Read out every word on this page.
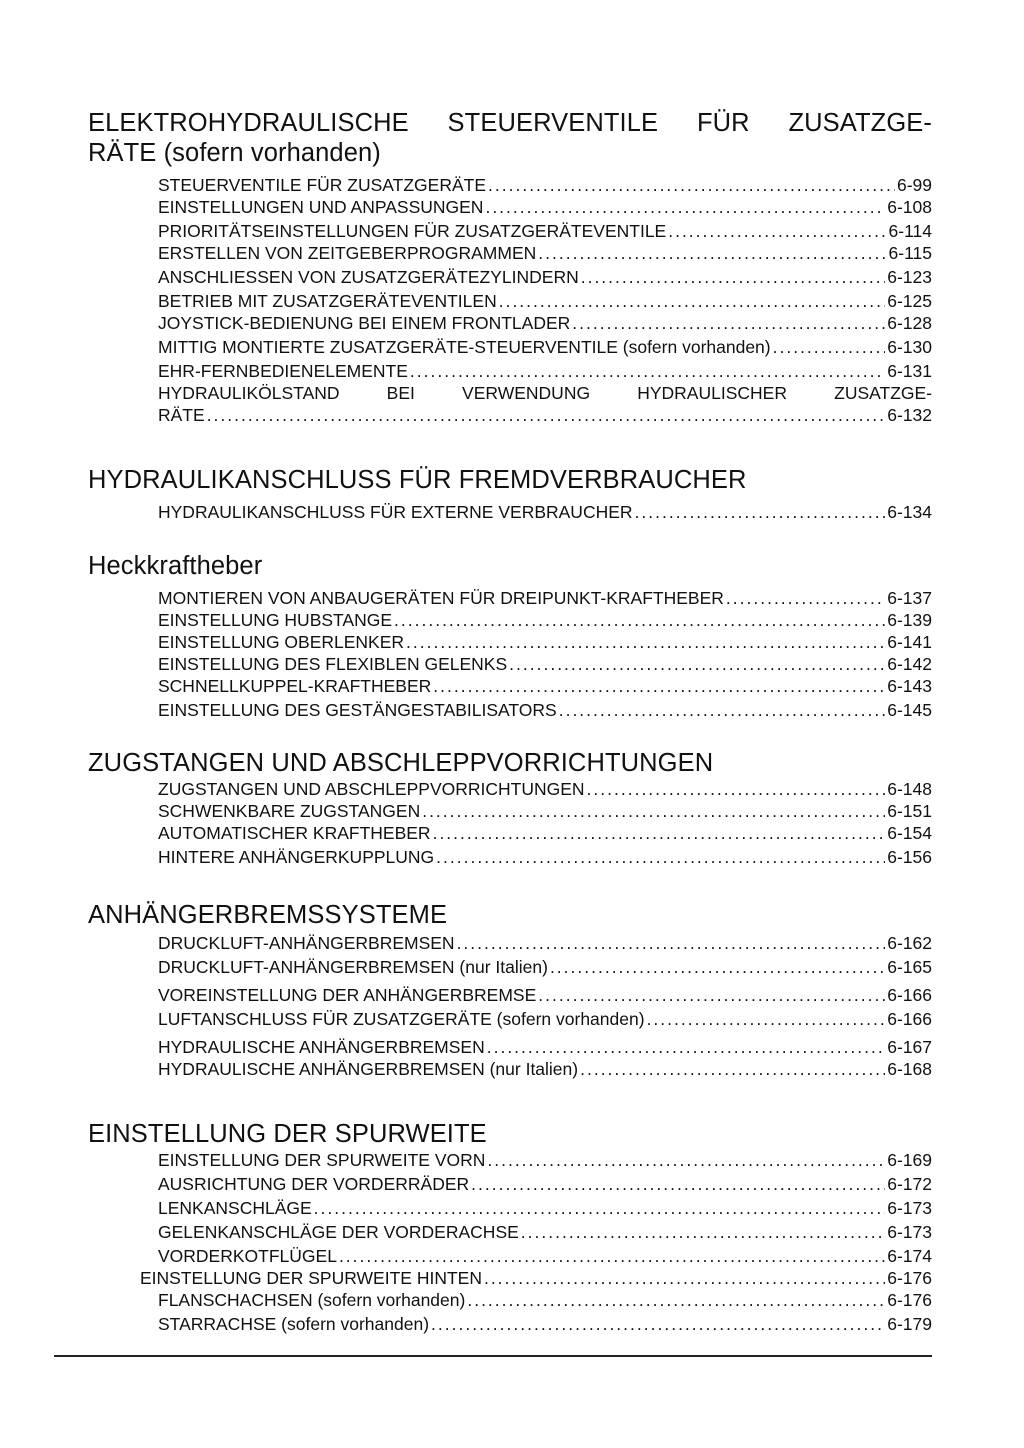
ELEKTROHYDRAULISCHE STEUERVENTILE FÜR ZUSATZGE-
RÄTE (sofern vorhanden)
STEUERVENTILE FÜR ZUSATZGERÄTE .....	6-99
EINSTELLUNGEN UND ANPASSUNGEN .....	6-108
PRIORITÄTSEINSTELLUNGEN FÜR ZUSATZGERÄTEVENTILE .....	6-114
ERSTELLEN VON ZEITGEBERPROGRAMMEN .....	6-115
ANSCHLIESSEN VON ZUSATZGERÄTEZYLINDERN .....	6-123
BETRIEB MIT ZUSATZGERÄTEVENTILEN .....	6-125
JOYSTICK-BEDIENUNG BEI EINEM FRONTLADER .....	6-128
MITTIG MONTIERTE ZUSATZGERÄTE-STEUERVENTILE (sofern vorhanden) .....	6-130
EHR-FERNBEDIENELEMENTE .....	6-131
HYDRAULIKÖLSTAND BEI VERWENDUNG HYDRAULISCHER ZUSATZGE-
RÄTE .....	6-132
HYDRAULIKANSCHLUSS FÜR FREMDVERBRAUCHER
HYDRAULIKANSCHLUSS FÜR EXTERNE VERBRAUCHER .....	6-134
Heckkraftheber
MONTIEREN VON ANBAUGERÄTEN FÜR DREIPUNKT-KRAFTHEBER .....	6-137
EINSTELLUNG HUBSTANGE .....	6-139
EINSTELLUNG OBERLENKER .....	6-141
EINSTELLUNG DES FLEXIBLEN GELENKS .....	6-142
SCHNELLKUPPEL-KRAFTHEBER .....	6-143
EINSTELLUNG DES GESTÄNGESTABILISATORS .....	6-145
ZUGSTANGEN UND ABSCHLEPPVORRICHTUNGEN
ZUGSTANGEN UND ABSCHLEPPVORRICHTUNGEN .....	6-148
SCHWENKBARE ZUGSTANGEN .....	6-151
AUTOMATISCHER KRAFTHEBER .....	6-154
HINTERE ANHÄNGERKUPPLUNG .....	6-156
ANHÄNGERBREMSSYSTEME
DRUCKLUFT-ANHÄNGERBREMSEN .....	6-162
DRUCKLUFT-ANHÄNGERBREMSEN (nur Italien) .....	6-165
VOREINSTELLUNG DER ANHÄNGERBREMSE .....	6-166
LUFTANSCHLUSS FÜR ZUSATZGERÄTE (sofern vorhanden) .....	6-166
HYDRAULISCHE ANHÄNGERBREMSEN .....	6-167
HYDRAULISCHE ANHÄNGERBREMSEN (nur Italien) .....	6-168
EINSTELLUNG DER SPURWEITE
EINSTELLUNG DER SPURWEITE VORN .....	6-169
AUSRICHTUNG DER VORDERRÄDER .....	6-172
LENKANSCHLÄGE .....	6-173
GELENKANSCHLÄGE DER VORDERACHSE .....	6-173
VORDERKOTFLÜGEL .....	6-174
EINSTELLUNG DER SPURWEITE HINTEN .....	6-176
FLANSCHACHSEN (sofern vorhanden) .....	6-176
STARRACHSE (sofern vorhanden) .....	6-179
